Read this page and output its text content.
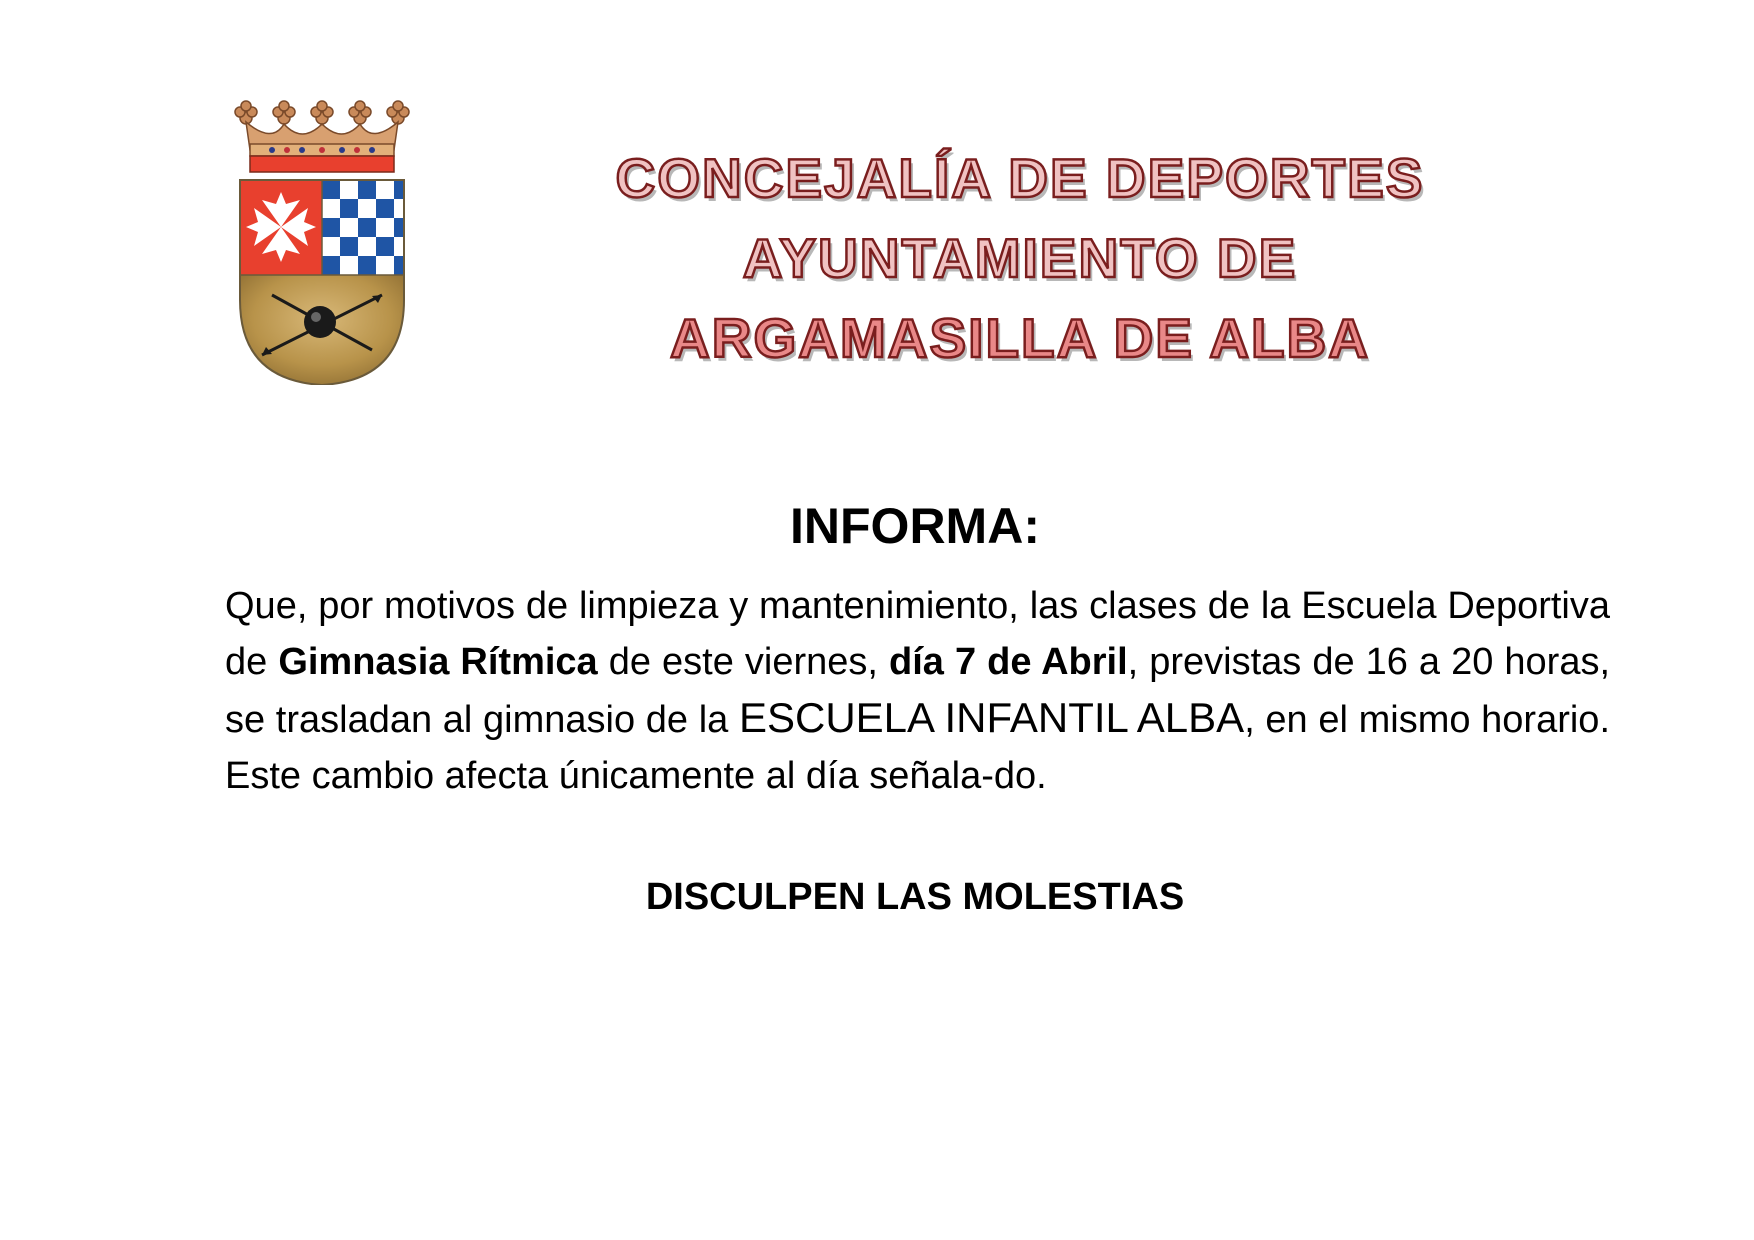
CONCEJALÍA DE DEPORTES
AYUNTAMIENTO DE
ARGAMASILLA DE ALBA
INFORMA:
Que, por motivos de limpieza y mantenimiento, las clases de la Escuela Deportiva de Gimnasia Rítmica de este viernes, día 7 de Abril, previstas de 16 a 20 horas, se trasladan al gimnasio de la ESCUELA INFANTIL ALBA, en el mismo horario. Este cambio afecta únicamente al día señala-do.
DISCULPEN LAS MOLESTIAS
